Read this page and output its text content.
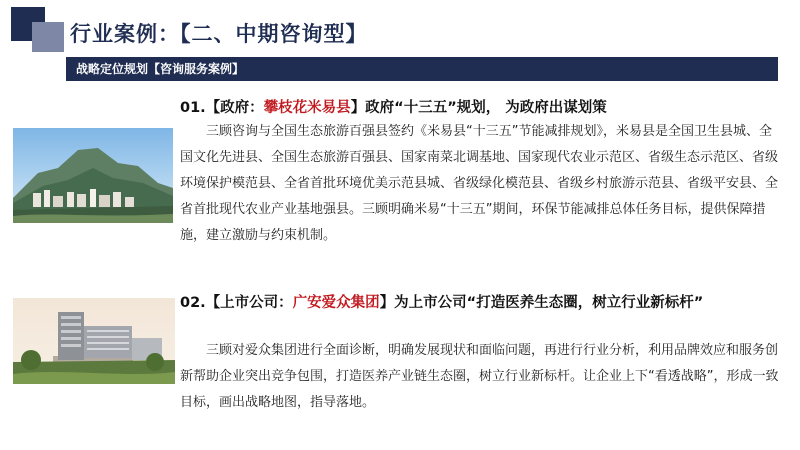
行业案例：【二、中期咨询型】
战略定位规划【咨询服务案例】
01.【政府：攀枝花米易县】政府“十三五”规划， 为政府出谋划策
三顾咨询与全国生态旅游百强县签约《米易县“十三五”节能减排规划》，米易县是全国卫生县城、全国文化先进县、全国生态旅游百强县、国家南菜北调基地、国家现代农业示范区、省级生态示范区、省级环境保护模范县、全省首批环境优美示范县城、省级绿化模范县、省级乡村旅游示范县、省级平安县、全省首批现代农业产业基地强县。三顾明确米易“十三五”期间，环保节能减排总体任务目标，提供保障措施，建立激励与约束机制。
02.【上市公司：广安爱众集团】为上市公司“打造医养生态圈，树立行业新标杆”
三顾对爱众集团进行全面诊断，明确发展现状和面临问题，再进行行业分析，利用品牌效应和服务创新帮助企业突出竞争包围，打造医养产业链生态圈，树立行业新标杆。让企业上下“看透战略”，形成一致目标，画出战略地图，指导落地。
